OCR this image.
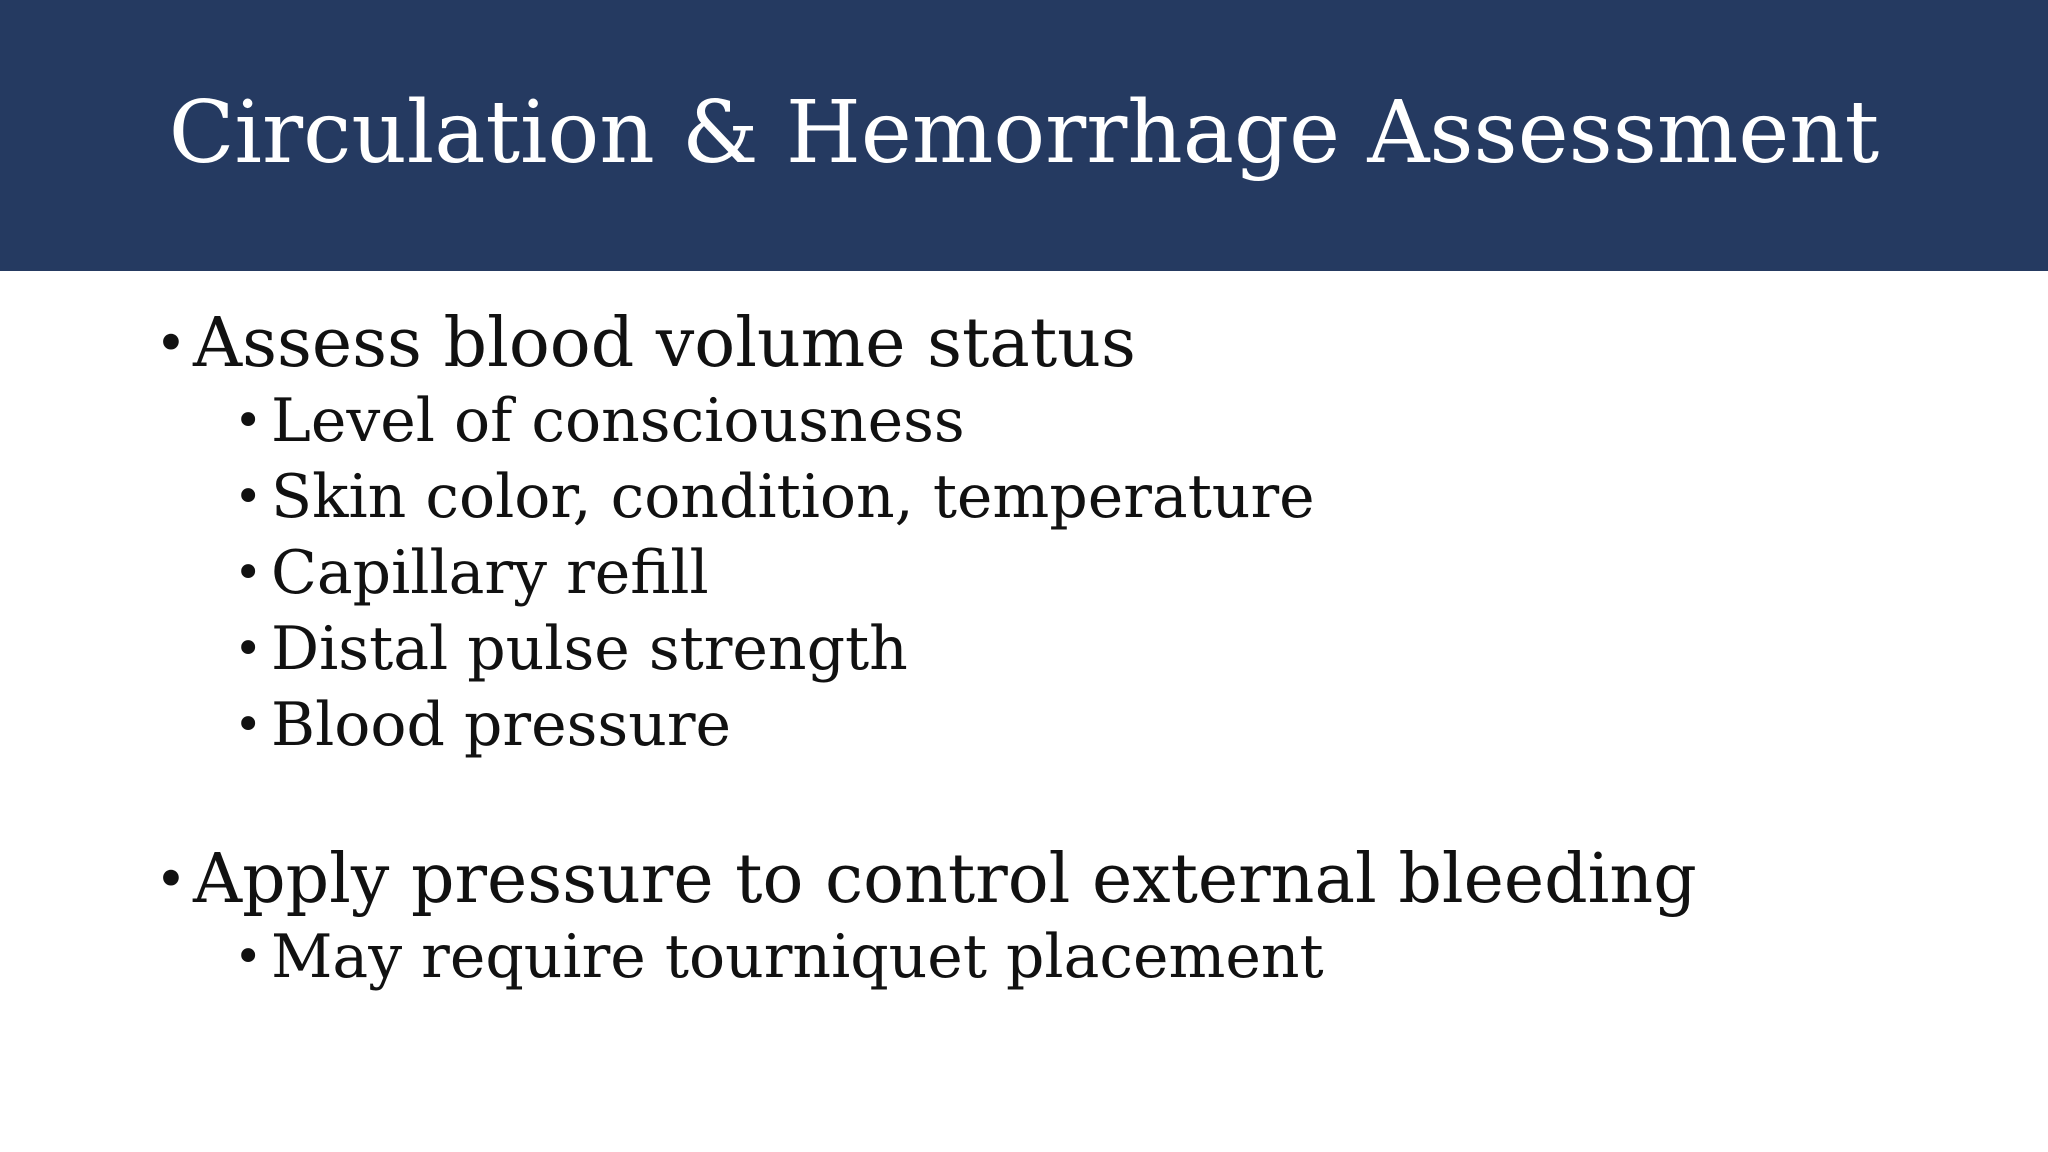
Circulation & Hemorrhage Assessment
• Assess blood volume status
• Level of consciousness
• Skin color, condition, temperature
• Capillary refill
• Distal pulse strength
• Blood pressure
• Apply pressure to control external bleeding
• May require tourniquet placement
